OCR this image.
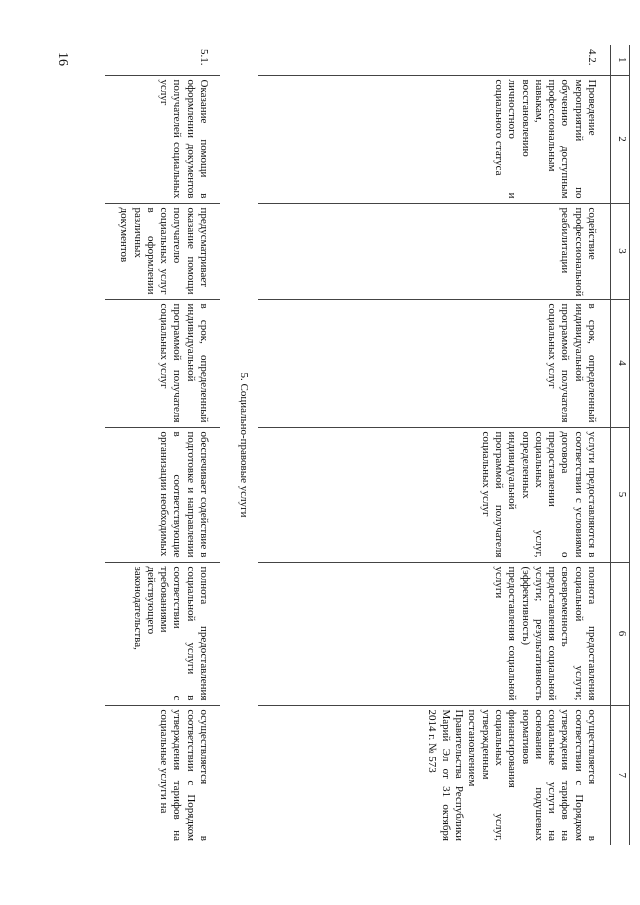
16	1	2	3	4	5	6	7
4.2.	Проведение мероприятий по обучению доступным профессиональным навыкам, восстановлению личностного и социального статуса	содействие профессиональной реабилитации	в срок, определенный индивидуальной программой получателя социальных услуг	услуги предоставляются в соответствии с условиями договора о предоставлении социальных услуг, определенных индивидуальной программой получателя социальных услуг	полнота предоставления социальной услуги; своевременность предоставления социальной услуги; результативность (эффективность) предоставления социальной услуги	осуществляется в соответствии с Порядком утверждения тарифов на социальные услуги на основании подушевых нормативов финансирования социальных услуг, утвержденным постановлением Правительства Республики Марий Эл от 31 октября 2014 г. № 573
5. Социально-правовые услуги						
5.1.	Оказание помощи в оформлении документов получателей социальных услуг	предусматривает оказание помощи получателю социальных услуг в оформлении различных документов	в срок, определенный индивидуальной программой получателя социальных услуг	обеспечивает содействие в подготовке и направлении в соответствующие организации необходимых	полнота предоставления социальной услуги в соответствии с требованиями действующего законодательства,	осуществляется в соответствии с Порядком утверждения тарифов на социальные услуги на
